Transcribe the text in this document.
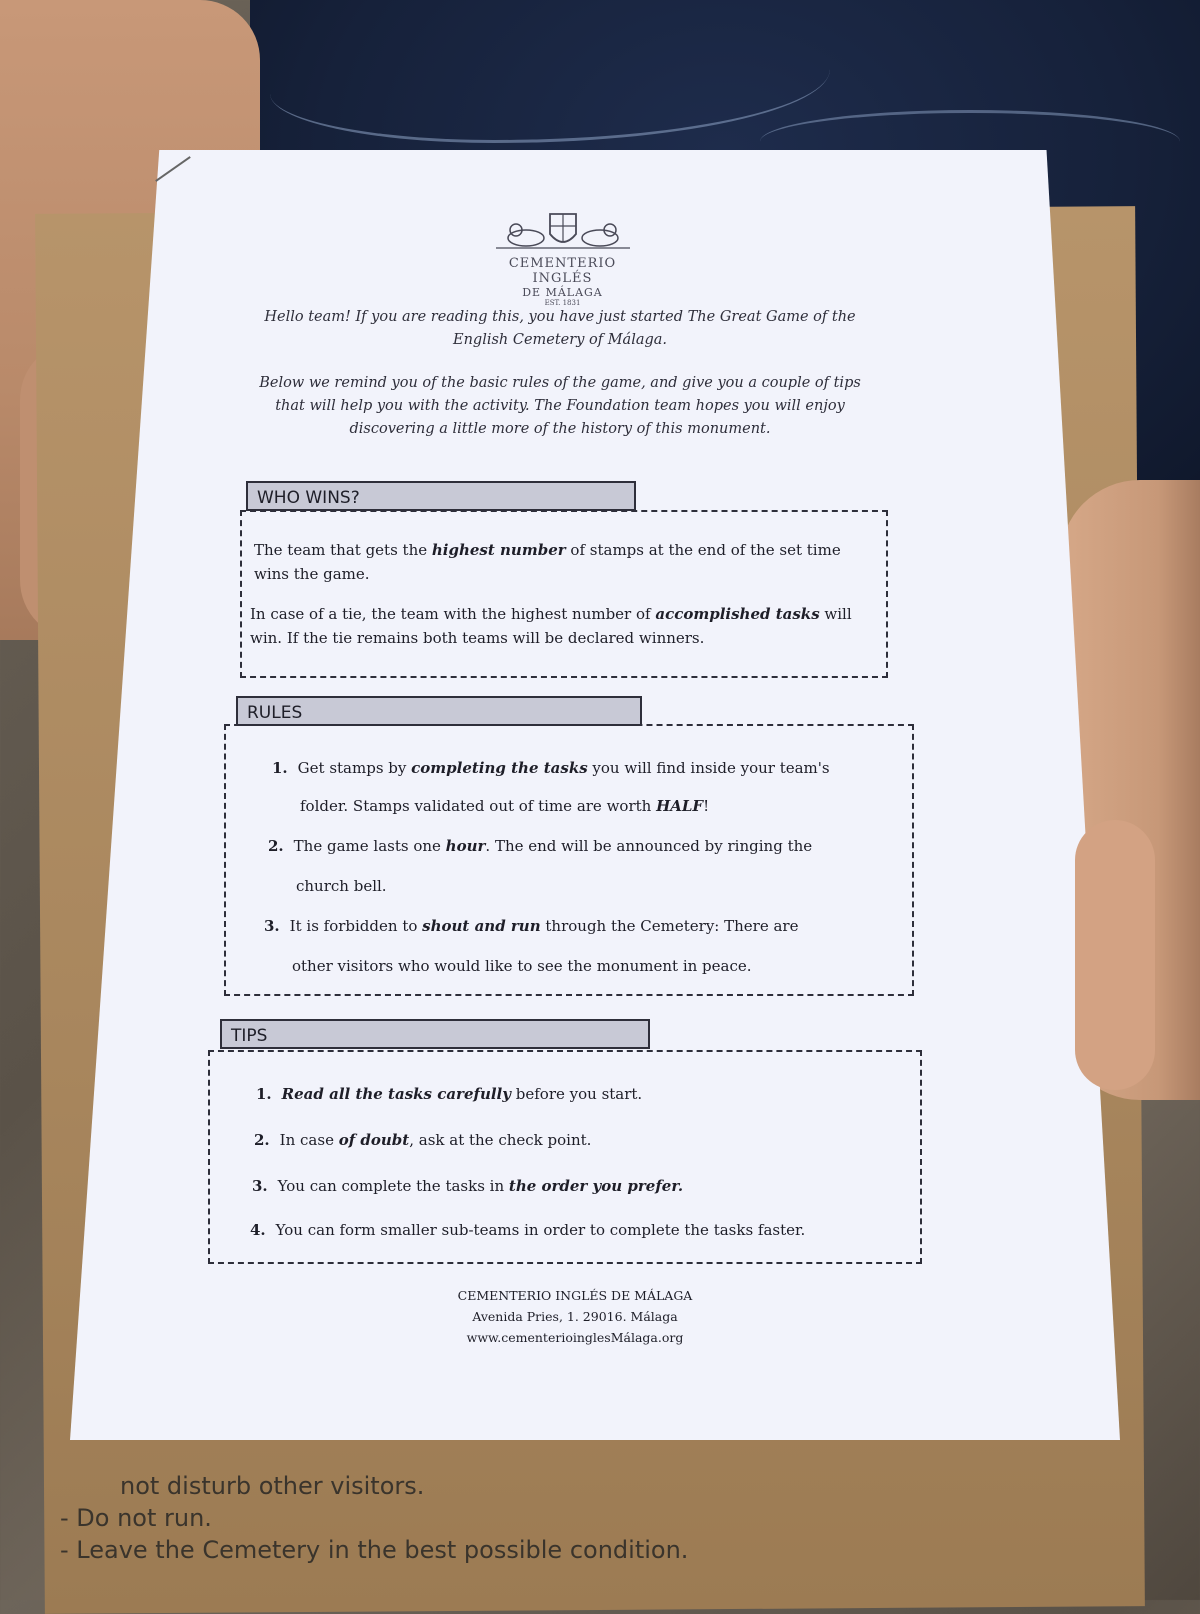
not disturb other visitors.
- Do not run.
- Leave the Cemetery in the best possible condition.
CEMENTERIO INGLÉS
DE MÁLAGA
EST. 1831
Hello team! If you are reading this, you have just started The Great Game of the
English Cemetery of Málaga.
Below we remind you of the basic rules of the game, and give you a couple of tips
that will help you with the activity. The Foundation team hopes you will enjoy
discovering a little more of the history of this monument.
WHO WINS?

The team that gets the highest number of stamps at the end of the set time
wins the game.

In case of a tie, the team with the highest number of accomplished tasks will
win. If the tie remains both teams will be declared winners.

RULES
1. Get stamps by completing the tasks you will find inside your team's
folder. Stamps validated out of time are worth HALF!
2. The game lasts one hour. The end will be announced by ringing the
church bell.
3. It is forbidden to shout and run through the Cemetery: There are
other visitors who would like to see the monument in peace.
TIPS
1. Read all the tasks carefully before you start.
2. In case of doubt, ask at the check point.
3. You can complete the tasks in the order you prefer.
4. You can form smaller sub-teams in order to complete the tasks faster.
CEMENTERIO INGLÉS DE MÁLAGA
Avenida Pries, 1. 29016. Málaga
www.cementerioinglesMálaga.org
